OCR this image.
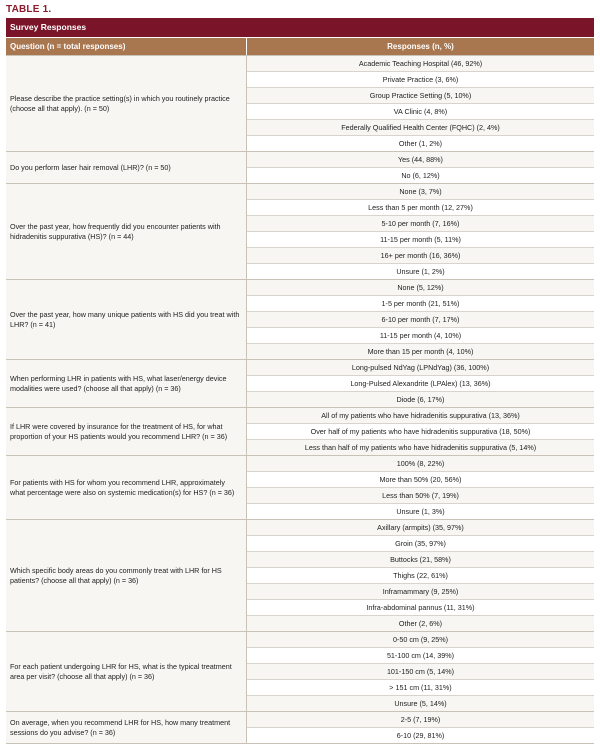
TABLE 1.
Survey Responses
Question (n = total responses)	Responses (n, %)
Please describe the practice setting(s) in which you routinely practice (choose all that apply). (n = 50)
Academic Teaching Hospital (46, 92%)
Private Practice (3, 6%)
Group Practice Setting (5, 10%)
VA Clinic (4, 8%)
Federally Qualified Health Center (FQHC) (2, 4%)
Other (1, 2%)
Do you perform laser hair removal (LHR)? (n = 50)
Yes (44, 88%)
No (6, 12%)
Over the past year, how frequently did you encounter patients with hidradenitis suppurativa (HS)? (n = 44)
None (3, 7%)
Less than 5 per month (12, 27%)
5-10 per month (7, 16%)
11-15 per month (5, 11%)
16+ per month (16, 36%)
Unsure (1, 2%)
Over the past year, how many unique patients with HS did you treat with LHR? (n = 41)
None (5, 12%)
1-5 per month (21, 51%)
6-10 per month (7, 17%)
11-15 per month (4, 10%)
More than 15 per month (4, 10%)
When performing LHR in patients with HS, what laser/energy device modalities were used? (choose all that apply) (n = 36)
Long-pulsed NdYag (LPNdYag) (36, 100%)
Long-Pulsed Alexandrite (LPAlex) (13, 36%)
Diode (6, 17%)
If LHR were covered by insurance for the treatment of HS, for what proportion of your HS patients would you recommend LHR? (n = 36)
All of my patients who have hidradenitis suppurativa (13, 36%)
Over half of my patients who have hidradenitis suppurativa (18, 50%)
Less than half of my patients who have hidradenitis suppurativa (5, 14%)
For patients with HS for whom you recommend LHR, approximately what percentage were also on systemic medication(s) for HS? (n = 36)
100% (8, 22%)
More than 50% (20, 56%)
Less than 50% (7, 19%)
Unsure (1, 3%)
Which specific body areas do you commonly treat with LHR for HS patients? (choose all that apply) (n = 36)
Axillary (armpits) (35, 97%)
Groin (35, 97%)
Buttocks (21, 58%)
Thighs (22, 61%)
Inframammary (9, 25%)
Infra-abdominal pannus (11, 31%)
Other (2, 6%)
For each patient undergoing LHR for HS, what is the typical treatment area per visit? (choose all that apply) (n = 36)
0-50 cm (9, 25%)
51-100 cm (14, 39%)
101-150 cm (5, 14%)
> 151 cm (11, 31%)
Unsure (5, 14%)
On average, when you recommend LHR for HS, how many treatment sessions do you advise? (n = 36)
2-5 (7, 19%)
6-10 (29, 81%)
